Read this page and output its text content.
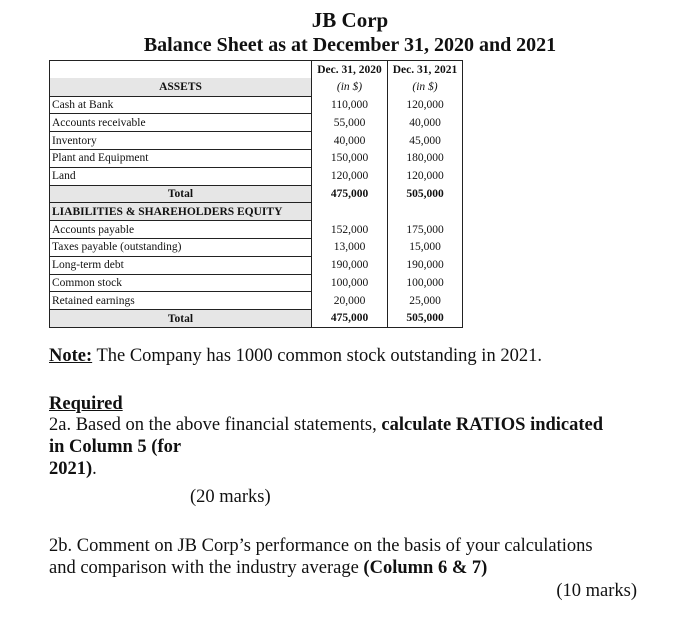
JB Corp
Balance Sheet as at December 31, 2020 and 2021
	Dec. 31, 2020	Dec. 31, 2021
ASSETS	(in $)	(in $)
Cash at Bank	110,000	120,000
Accounts receivable	55,000	40,000
Inventory	40,000	45,000
Plant and Equipment	150,000	180,000
Land	120,000	120,000
Total	475,000	505,000
LIABILITIES & SHAREHOLDERS EQUITY		
Accounts payable	152,000	175,000
Taxes payable (outstanding)	13,000	15,000
Long-term debt	190,000	190,000
Common stock	100,000	100,000
Retained earnings	20,000	25,000
Total	475,000	505,000
Note: The Company has 1000 common stock outstanding in 2021.
Required
2a. Based on the above financial statements, calculate RATIOS indicated
in Column 5 (for
2021).
(20 marks)
2b. Comment on JB Corp’s performance on the basis of your calculations
and comparison with the industry average (Column 6 & 7)
(10 marks)
